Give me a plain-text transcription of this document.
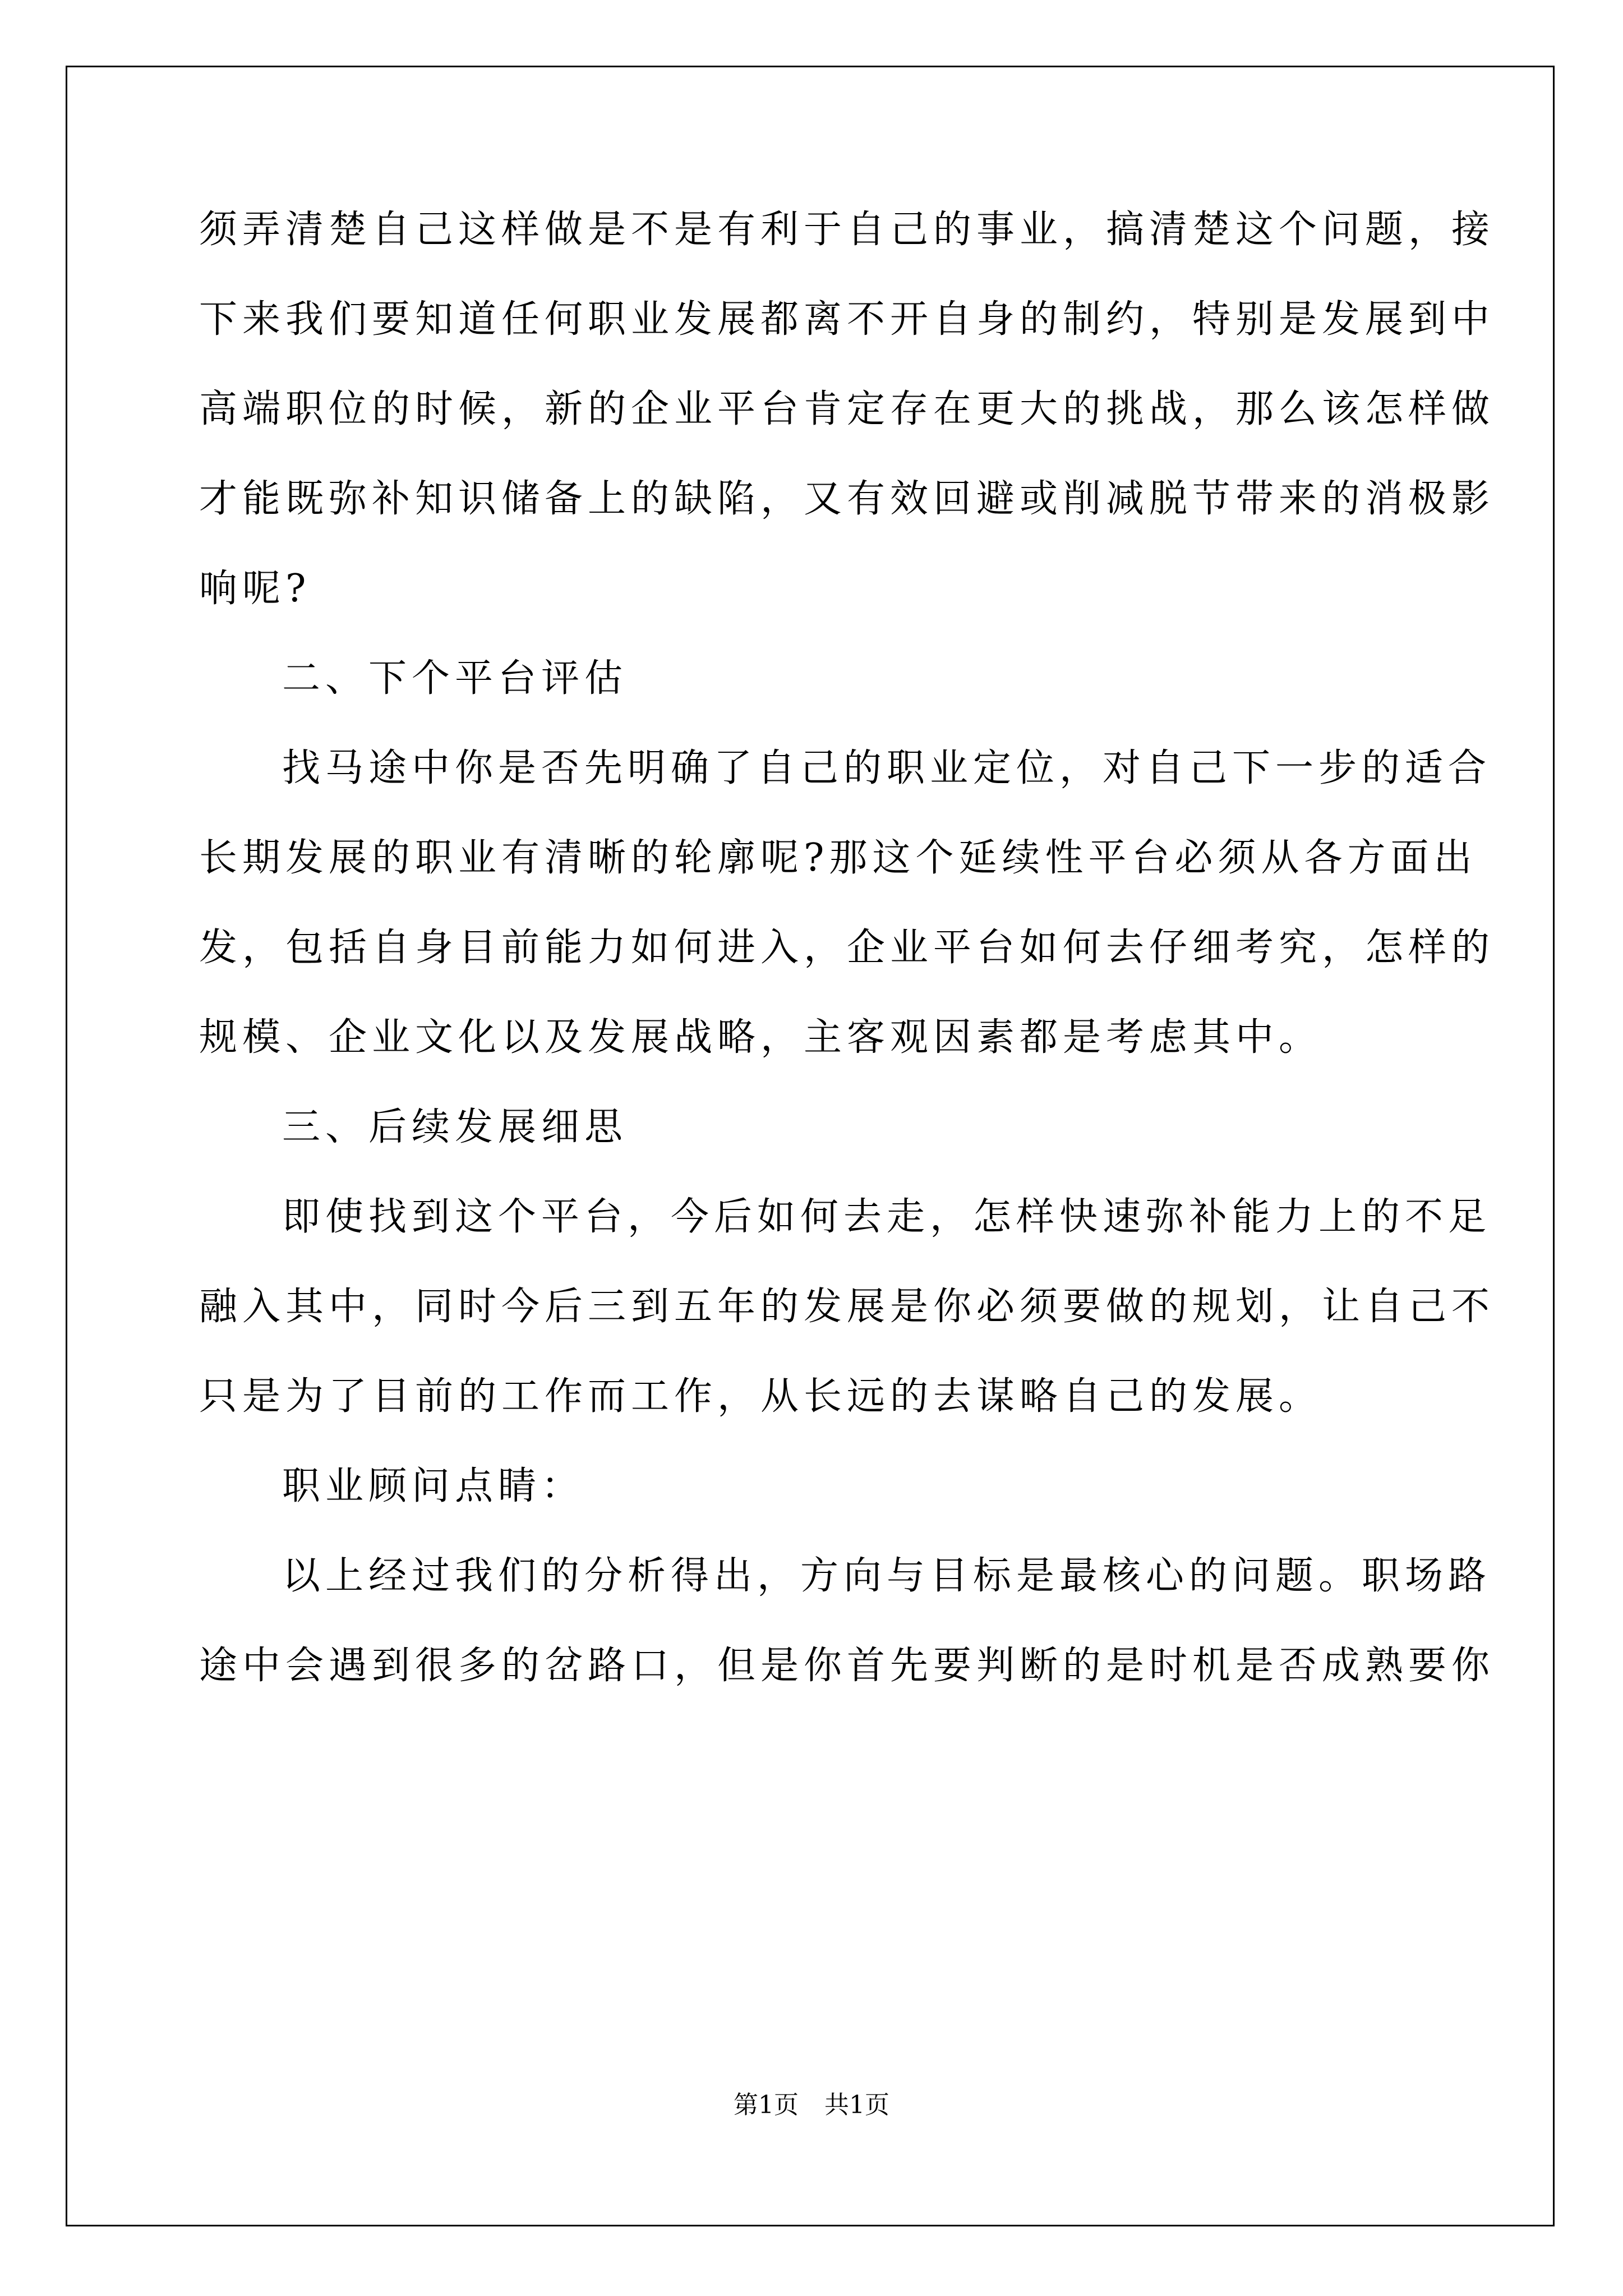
须弄清楚自己这样做是不是有利于自己的事业，搞清楚这个问题，接
下来我们要知道任何职业发展都离不开自身的制约，特别是发展到中
高端职位的时候，新的企业平台肯定存在更大的挑战，那么该怎样做
才能既弥补知识储备上的缺陷，又有效回避或削减脱节带来的消极影
响呢?
二、下个平台评估
找马途中你是否先明确了自己的职业定位，对自己下一步的适合
长期发展的职业有清晰的轮廓呢?那这个延续性平台必须从各方面出
发，包括自身目前能力如何进入，企业平台如何去仔细考究，怎样的
规模、企业文化以及发展战略，主客观因素都是考虑其中。
三、后续发展细思
即使找到这个平台，今后如何去走，怎样快速弥补能力上的不足
融入其中，同时今后三到五年的发展是你必须要做的规划，让自己不
只是为了目前的工作而工作，从长远的去谋略自己的发展。
职业顾问点睛：
以上经过我们的分析得出，方向与目标是最核心的问题。职场路
途中会遇到很多的岔路口，但是你首先要判断的是时机是否成熟要你
第1页 共1页
